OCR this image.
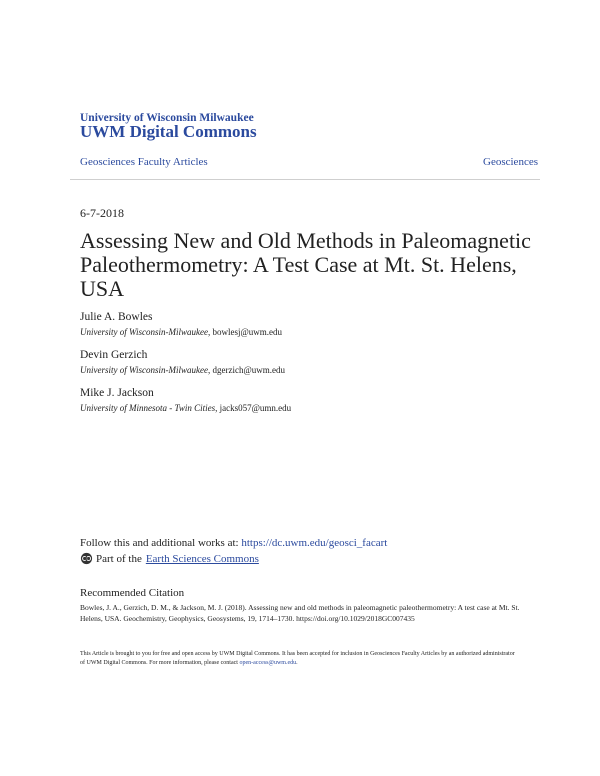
University of Wisconsin Milwaukee
UWM Digital Commons
Geosciences Faculty Articles	Geosciences
6-7-2018
Assessing New and Old Methods in Paleomagnetic Paleothermometry: A Test Case at Mt. St. Helens, USA
Julie A. Bowles
University of Wisconsin-Milwaukee, bowlesj@uwm.edu
Devin Gerzich
University of Wisconsin-Milwaukee, dgerzich@uwm.edu
Mike J. Jackson
University of Minnesota - Twin Cities, jacks057@umn.edu
Follow this and additional works at: https://dc.uwm.edu/geosci_facart
Part of the Earth Sciences Commons
Recommended Citation
Bowles, J. A., Gerzich, D. M., & Jackson, M. J. (2018). Assessing new and old methods in paleomagnetic paleothermometry: A test case at Mt. St. Helens, USA. Geochemistry, Geophysics, Geosystems, 19, 1714–1730. https://doi.org/10.1029/2018GC007435
This Article is brought to you for free and open access by UWM Digital Commons. It has been accepted for inclusion in Geosciences Faculty Articles by an authorized administrator of UWM Digital Commons. For more information, please contact open-access@uwm.edu.
